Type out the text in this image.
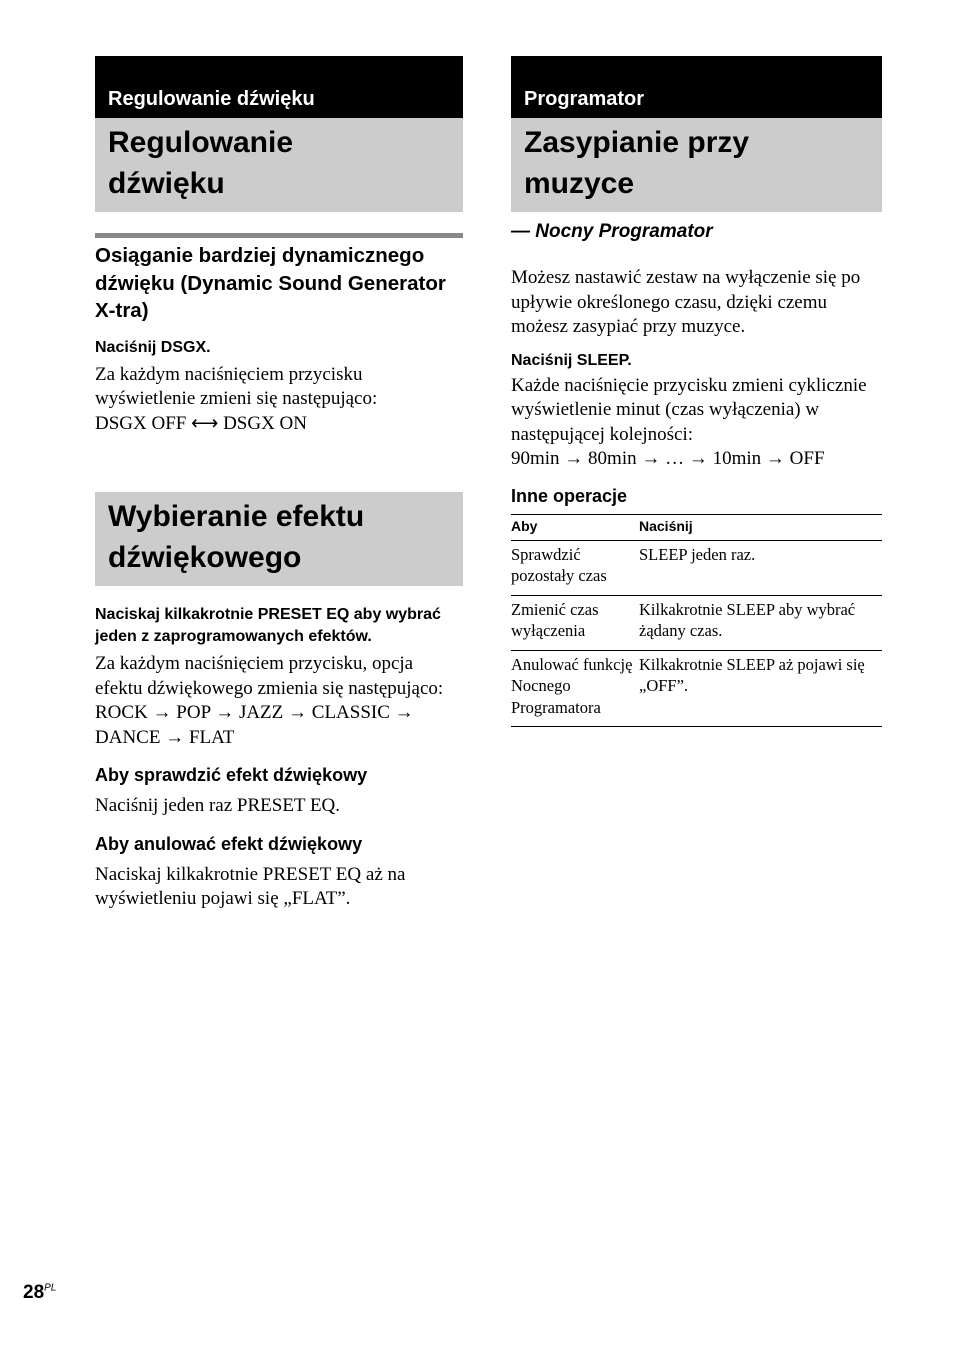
Regulowanie dźwięku
Regulowanie
dźwięku
Osiąganie bardziej dynamicznego dźwięku (Dynamic Sound Generator X-tra)
Naciśnij DSGX.
Za każdym naciśnięciem przycisku wyświetlenie zmieni się następująco:
DSGX OFF ⟷ DSGX ON
Wybieranie efektu
dźwiękowego
Naciskaj kilkakrotnie PRESET EQ aby wybrać jeden z zaprogramowanych efektów.
Za każdym naciśnięciem przycisku, opcja efektu dźwiękowego zmienia się następująco:
ROCK → POP → JAZZ → CLASSIC → DANCE → FLAT
Aby sprawdzić efekt dźwiękowy
Naciśnij jeden raz PRESET EQ.
Aby anulować efekt dźwiękowy
Naciskaj kilkakrotnie PRESET EQ aż na wyświetleniu pojawi się „FLAT”.
Programator
Zasypianie przy
muzyce
— Nocny Programator
Możesz nastawić zestaw na wyłączenie się po upływie określonego czasu, dzięki czemu możesz zasypiać przy muzyce.
Naciśnij SLEEP.
Każde naciśnięcie przycisku zmieni cyklicznie wyświetlenie minut (czas wyłączenia) w następującej kolejności:
90min → 80min → … → 10min → OFF
Inne operacje
Aby	Naciśnij
Sprawdzić pozostały czas	SLEEP jeden raz.
Zmienić czas wyłączenia	Kilkakrotnie SLEEP aby wybrać żądany czas.
Anulować funkcję Nocnego Programatora	Kilkakrotnie SLEEP aż pojawi się „OFF”.
$28^{PL}$
